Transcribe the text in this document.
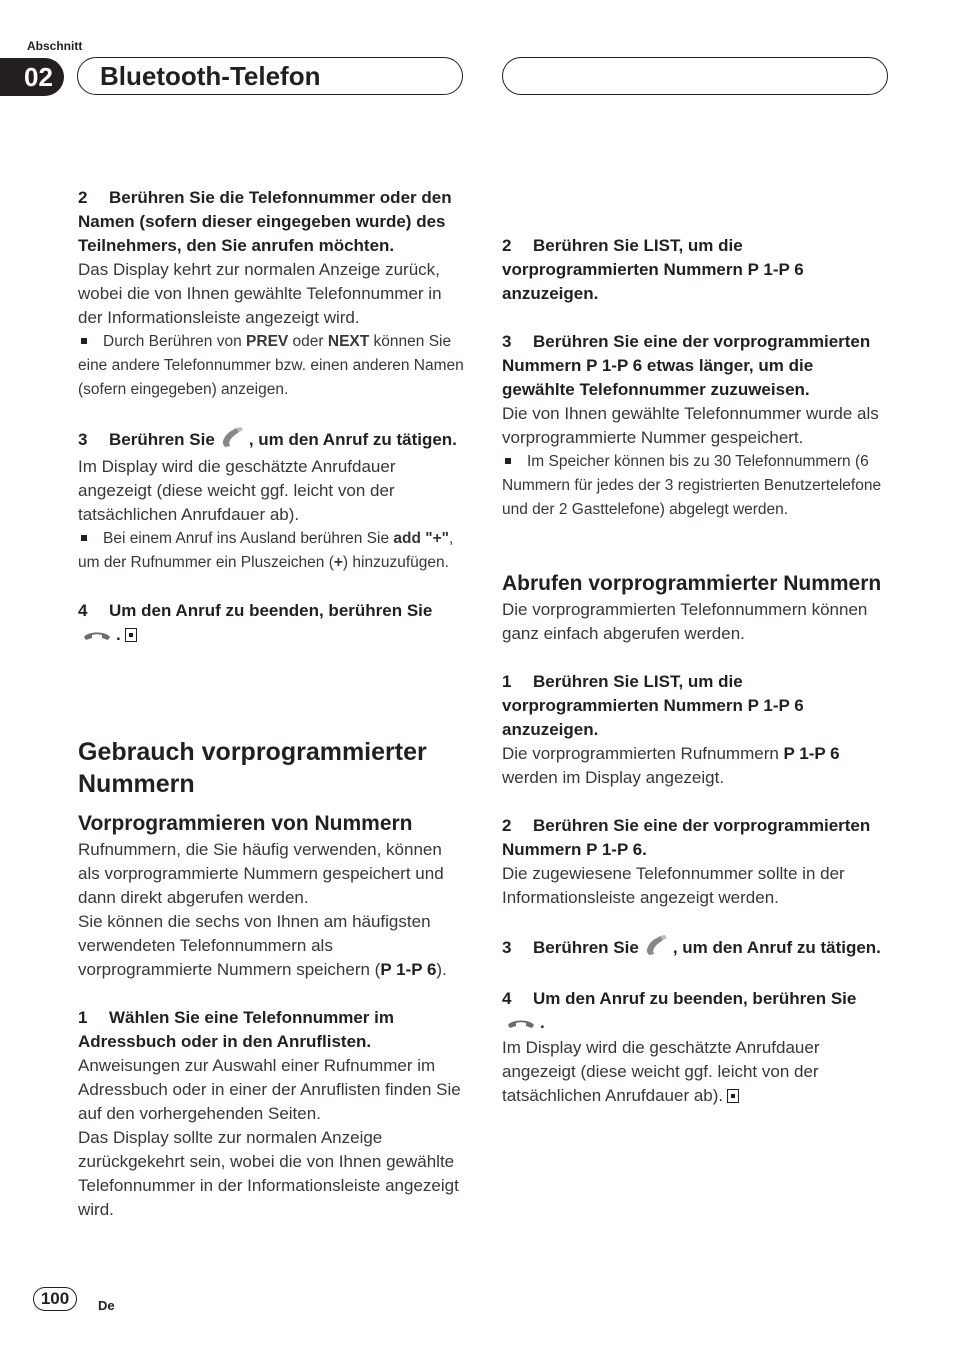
Abschnitt
02	Bluetooth-Telefon

2 Berühren Sie die Telefonnummer oder den Namen (sofern dieser eingegeben wurde) des Teilnehmers, den Sie anrufen möchten.

Das Display kehrt zur normalen Anzeige zurück, wobei die von Ihnen gewählte Telefonnummer in der Informationsleiste angezeigt wird.

Durch Berühren von PREV oder NEXT können Sie eine andere Telefonnummer bzw. einen anderen Namen (sofern eingegeben) anzeigen.

3 Berühren Sie , um den Anruf zu tätigen.

Im Display wird die geschätzte Anrufdauer angezeigt (diese weicht ggf. leicht von der tatsächlichen Anrufdauer ab).

Bei einem Anruf ins Ausland berühren Sie add "+", um der Rufnummer ein Pluszeichen (+) hinzuzufügen.

4 Um den Anruf zu beenden, berühren Sie.

Gebrauch vorprogrammierter Nummern
Vorprogrammieren von Nummern

Rufnummern, die Sie häufig verwenden, können als vorprogrammierte Nummern gespeichert und dann direkt abgerufen werden.

Sie können die sechs von Ihnen am häufigsten verwendeten Telefonnummern als vorprogrammierte Nummern speichern (P 1-P 6).

1 Wählen Sie eine Telefonnummer im Adressbuch oder in den Anruflisten.

Anweisungen zur Auswahl einer Rufnummer im Adressbuch oder in einer der Anruflisten finden Sie auf den vorhergehenden Seiten.

Das Display sollte zur normalen Anzeige zurückgekehrt sein, wobei die von Ihnen gewählte Telefonnummer in der Informationsleiste angezeigt wird.

2 Berühren Sie LIST, um die vorprogrammierten Nummern P 1-P 6 anzuzeigen.

3 Berühren Sie eine der vorprogrammierten Nummern P 1-P 6 etwas länger, um die gewählte Telefonnummer zuzuweisen.

Die von Ihnen gewählte Telefonnummer wurde als vorprogrammierte Nummer gespeichert.

Im Speicher können bis zu 30 Telefonnummern (6 Nummern für jedes der 3 registrierten Benutzertelefone und der 2 Gasttelefone) abgelegt werden.

Abrufen vorprogrammierter Nummern

Die vorprogrammierten Telefonnummern können ganz einfach abgerufen werden.

1 Berühren Sie LIST, um die vorprogrammierten Nummern P 1-P 6 anzuzeigen.

Die vorprogrammierten Rufnummern P 1-P 6 werden im Display angezeigt.

2 Berühren Sie eine der vorprogrammierten Nummern P 1-P 6.

Die zugewiesene Telefonnummer sollte in der Informationsleiste angezeigt werden.

3 Berühren Sie , um den Anruf zu tätigen.

4 Um den Anruf zu beenden, berühren Sie.

Im Display wird die geschätzte Anrufdauer angezeigt (diese weicht ggf. leicht von der tatsächlichen Anrufdauer ab).

100	De
